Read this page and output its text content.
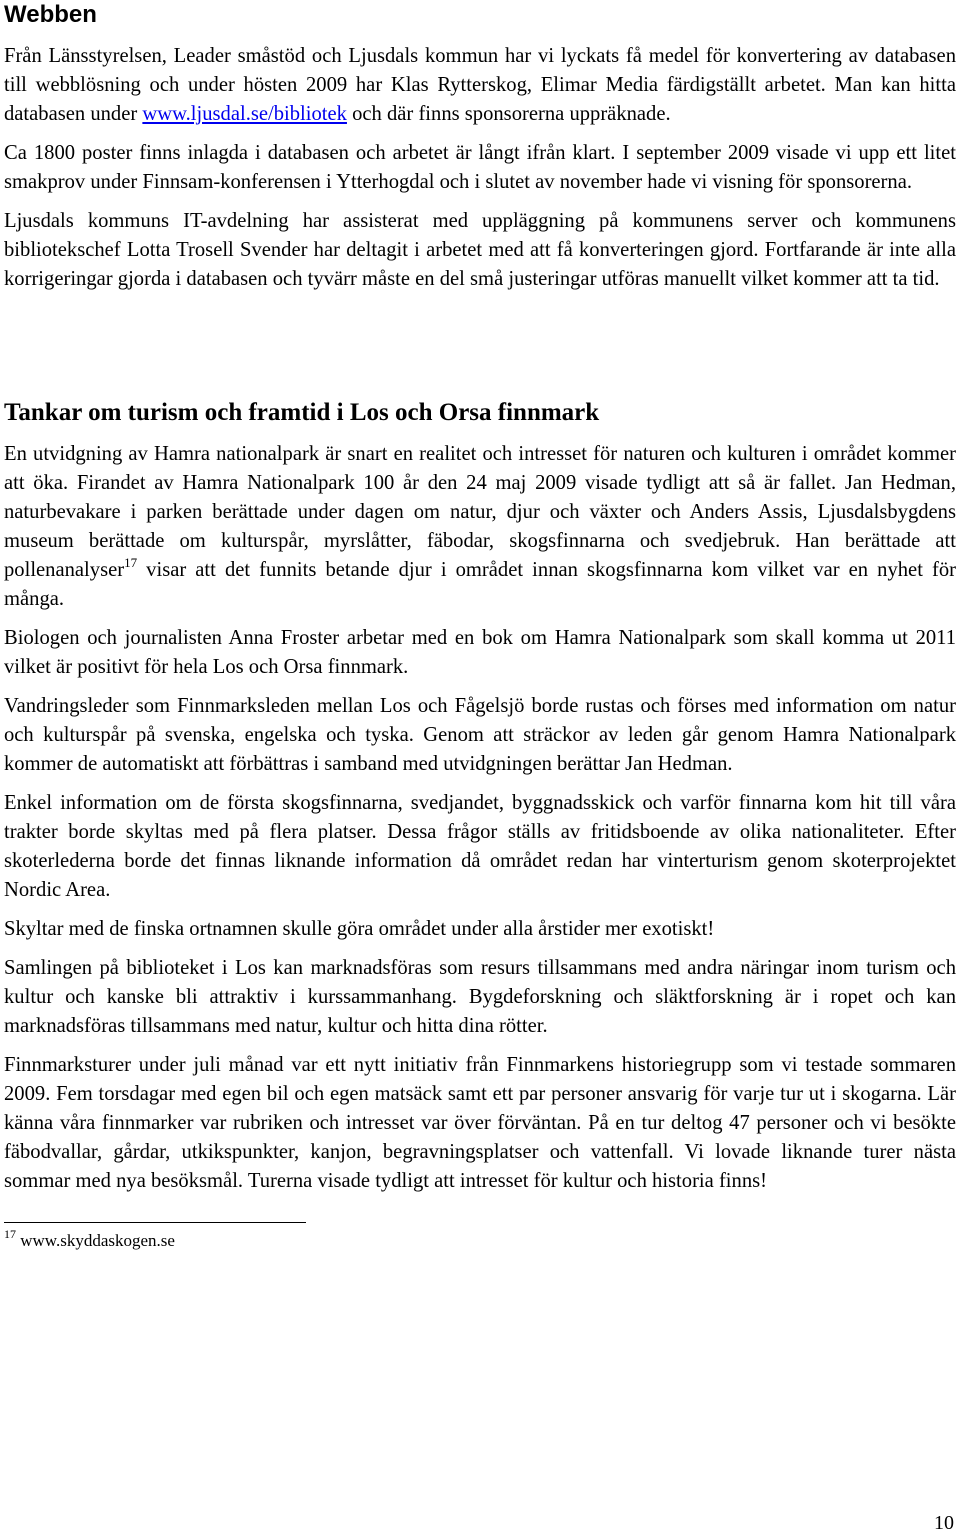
Webben

Från Länsstyrelsen, Leader småstöd och Ljusdals kommun har vi lyckats få medel för konvertering av databasen till webblösning och under hösten 2009 har Klas Rytterskog, Elimar Media färdigställt arbetet. Man kan hitta databasen under www.ljusdal.se/bibliotek och där finns sponsorerna uppräknade.

Ca 1800 poster finns inlagda i databasen och arbetet är långt ifrån klart. I september 2009 visade vi upp ett litet smakprov under Finnsam-konferensen i Ytterhogdal och i slutet av november hade vi visning för sponsorerna.

Ljusdals kommuns IT-avdelning har assisterat med uppläggning på kommunens server och kommunens bibliotekschef Lotta Trosell Svender har deltagit i arbetet med att få konverteringen gjord. Fortfarande är inte alla korrigeringar gjorda i databasen och tyvärr måste en del små justeringar utföras manuellt vilket kommer att ta tid.

Tankar om turism och framtid i Los och Orsa finnmark

En utvidgning av Hamra nationalpark är snart en realitet och intresset för naturen och kulturen i området kommer att öka. Firandet av Hamra Nationalpark 100 år den 24 maj 2009 visade tydligt att så är fallet. Jan Hedman, naturbevakare i parken berättade under dagen om natur, djur och växter och Anders Assis, Ljusdalsbygdens museum berättade om kulturspår, myrslåtter, fäbodar, skogsfinnarna och svedjebruk. Han berättade att pollenanalyser$^{17}$ visar att det funnits betande djur i området innan skogsfinnarna kom vilket var en nyhet för många.

Biologen och journalisten Anna Froster arbetar med en bok om Hamra Nationalpark som skall komma ut 2011 vilket är positivt för hela Los och Orsa finnmark.

Vandringsleder som Finnmarksleden mellan Los och Fågelsjö borde rustas och förses med information om natur och kulturspår på svenska, engelska och tyska. Genom att sträckor av leden går genom Hamra Nationalpark kommer de automatiskt att förbättras i samband med utvidgningen berättar Jan Hedman.

Enkel information om de första skogsfinnarna, svedjandet, byggnadsskick och varför finnarna kom hit till våra trakter borde skyltas med på flera platser. Dessa frågor ställs av fritidsboende av olika nationaliteter. Efter skoterlederna borde det finnas liknande information då området redan har vinterturism genom skoterprojektet Nordic Area.

Skyltar med de finska ortnamnen skulle göra området under alla årstider mer exotiskt!

Samlingen på biblioteket i Los kan marknadsföras som resurs tillsammans med andra näringar inom turism och kultur och kanske bli attraktiv i kurssammanhang. Bygdeforskning och släktforskning är i ropet och kan marknadsföras tillsammans med natur, kultur och hitta dina rötter.

Finnmarksturer under juli månad var ett nytt initiativ från Finnmarkens historiegrupp som vi testade sommaren 2009. Fem torsdagar med egen bil och egen matsäck samt ett par personer ansvarig för varje tur ut i skogarna. Lär känna våra finnmarker var rubriken och intresset var över förväntan. På en tur deltog 47 personer och vi besökte fäbodvallar, gårdar, utkikspunkter, kanjon, begravningsplatser och vattenfall. Vi lovade liknande turer nästa sommar med nya besöksmål. Turerna visade tydligt att intresset för kultur och historia finns!

$^{17}$ www.skyddaskogen.se
10
